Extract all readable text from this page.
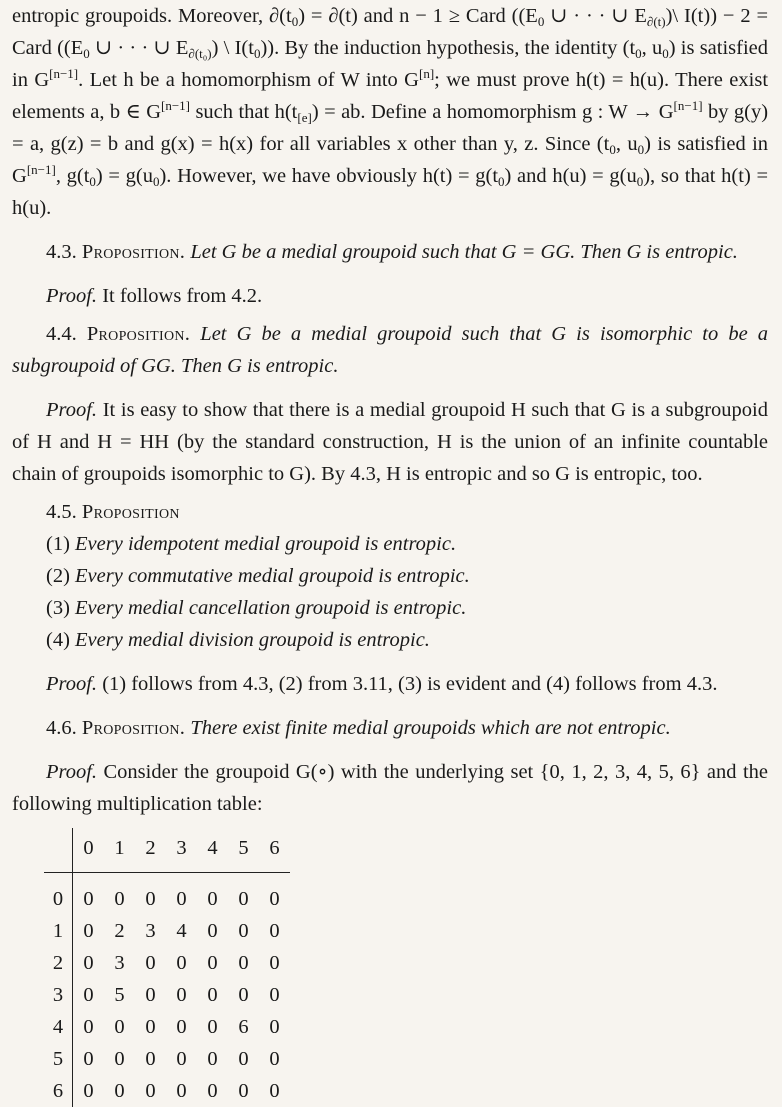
entropic groupoids. Moreover, $\partial(t_0) = \partial(t)$ and n − 1 ≥ Card (($E_0$ ∪ · · · ∪ $E_{\partial(t)})\backslash$ I(t)) − 2 = Card (($E_0$ ∪ · · · ∪ $E_{\partial(t_0)}$) \ $I(t_0)$). By the induction hypothesis, the identity ($t_0$, $u_0$) is satisfied in G[n−1]. Let h be a homomorphism of W into G[n]; we must prove h(t) = h(u). There exist elements a, b ∈ G[n−1] such that $h(t_{[e]})$ = ab. Define a homomorphism g : W → G[n−1] by g(y) = a, g(z) = b and g(x) = h(x) for all variables x other than y, z. Since ($t_0$, $u_0$) is satisfied in G[n−1], $g(t_0) = g(u_0)$. However, we have obviously $h(t) = g(t_0)$ and $h(u) = g(u_0)$, so that h(t) = h(u).

4.3. Proposition. Let G be a medial groupoid such that G = GG. Then G is entropic.

Proof. It follows from 4.2.

4.4. Proposition. Let G be a medial groupoid such that G is isomorphic to be a subgroupoid of GG. Then G is entropic.

Proof. It is easy to show that there is a medial groupoid H such that G is a subgroupoid of H and H = HH (by the standard construction, H is the union of an infinite countable chain of groupoids isomorphic to G). By 4.3, H is entropic and so G is entropic, too.

4.5. Proposition

(1) Every idempotent medial groupoid is entropic.
(2) Every commutative medial groupoid is entropic.
(3) Every medial cancellation groupoid is entropic.
(4) Every medial division groupoid is entropic.

Proof. (1) follows from 4.3, (2) from 3.11, (3) is evident and (4) follows from 4.3.

4.6. Proposition. There exist finite medial groupoids which are not entropic.

Proof. Consider the groupoid G(∘) with the underlying set {0, 1, 2, 3, 4, 5, 6} and the following multiplication table:

	0	1	2	3	4	5	6
0	0	0	0	0	0	0	0
1	0	2	3	4	0	0	0
2	0	3	0	0	0	0	0
3	0	5	0	0	0	0	0
4	0	0	0	0	0	6	0
5	0	0	0	0	0	0	0
6	0	0	0	0	0	0	0
